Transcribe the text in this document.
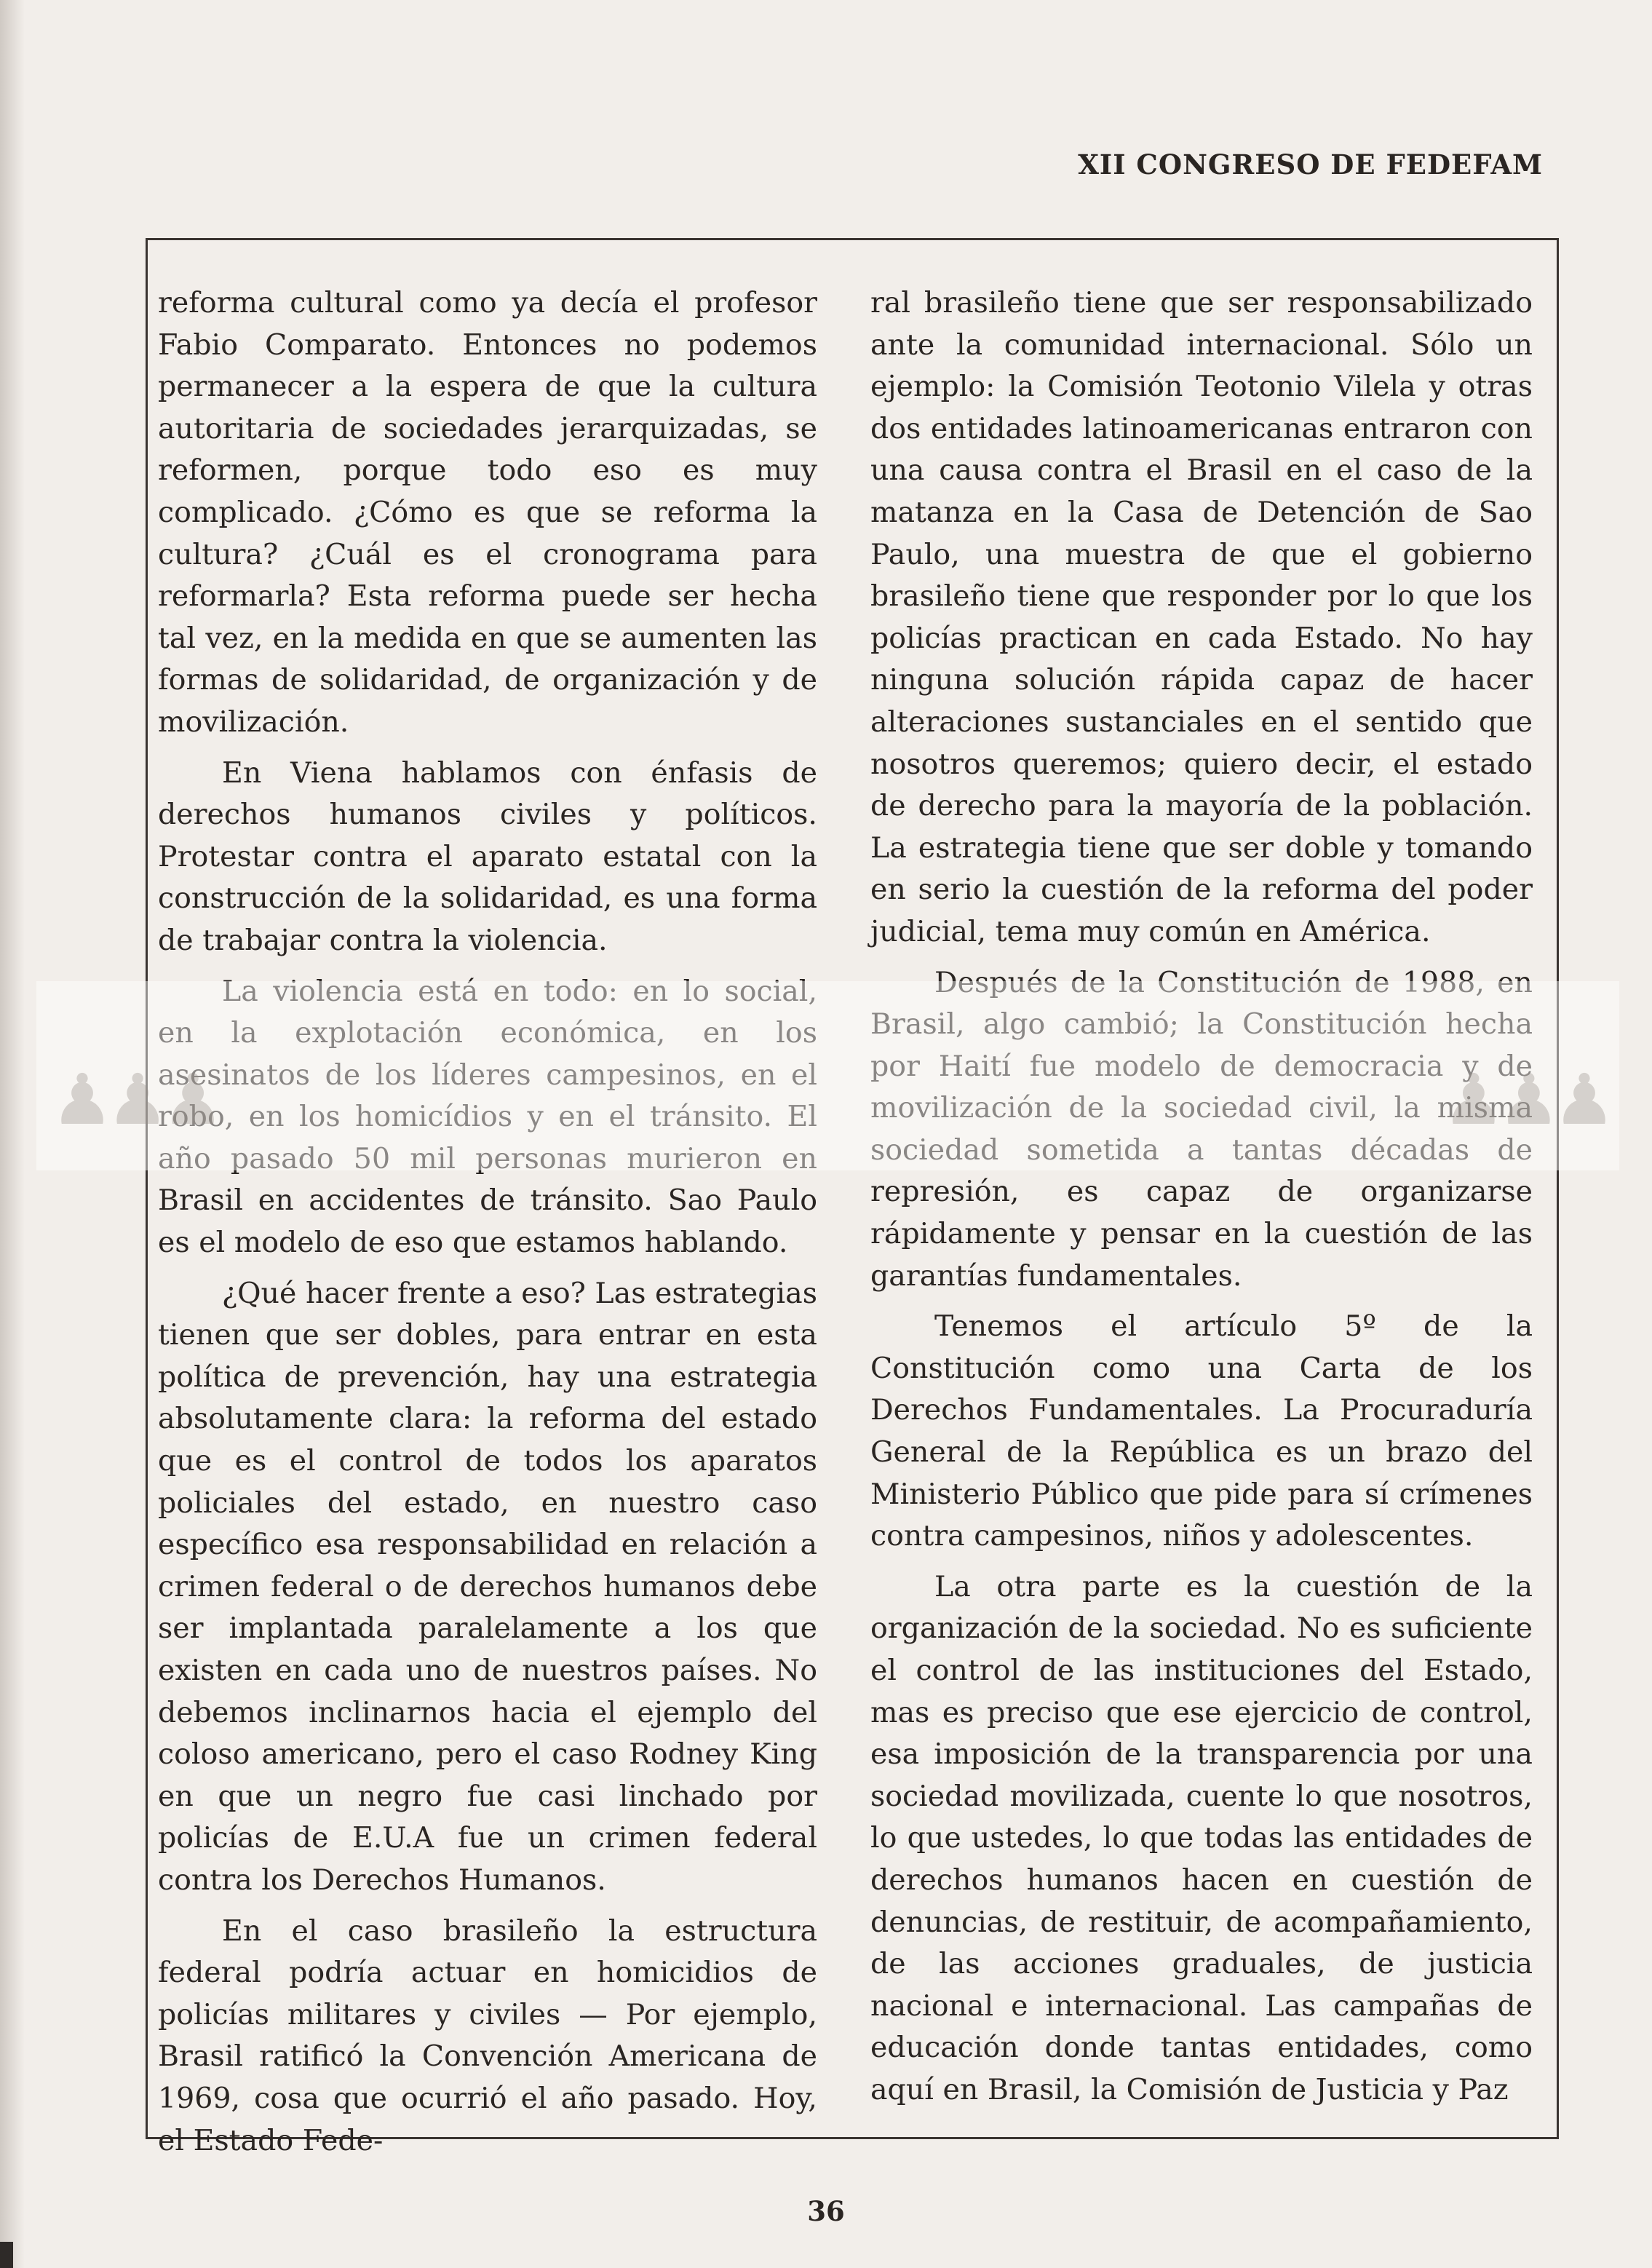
XII CONGRESO DE FEDEFAM

reforma cultural como ya decía el profesor Fabio Comparato. Entonces no podemos permanecer a la espera de que la cultura autoritaria de sociedades jerarquizadas, se reformen, porque todo eso es muy complicado. ¿Cómo es que se reforma la cultura? ¿Cuál es el cronograma para reformarla? Esta reforma puede ser hecha tal vez, en la medida en que se aumenten las formas de solidaridad, de organización y de movilización.

En Viena hablamos con énfasis de derechos humanos civiles y políticos. Protestar contra el aparato estatal con la construcción de la solidaridad, es una forma de trabajar contra la violencia.

La violencia está en todo: en lo social, en la explotación económica, en los asesinatos de los líderes campesinos, en el robo, en los homicídios y en el tránsito. El año pasado 50 mil personas murieron en Brasil en accidentes de tránsito. Sao Paulo es el modelo de eso que estamos hablando.

¿Qué hacer frente a eso? Las estrategias tienen que ser dobles, para entrar en esta política de prevención, hay una estrategia absolutamente clara: la reforma del estado que es el control de todos los aparatos policiales del estado, en nuestro caso específico esa responsabilidad en relación a crimen federal o de derechos humanos debe ser implantada paralelamente a los que existen en cada uno de nuestros países. No debemos inclinarnos hacia el ejemplo del coloso americano, pero el caso Rodney King en que un negro fue casi linchado por policías de E.U.A fue un crimen federal contra los Derechos Humanos.

En el caso brasileño la estructura federal podría actuar en homicidios de policías militares y civiles — Por ejemplo, Brasil ratificó la Convención Americana de 1969, cosa que ocurrió el año pasado. Hoy, el Estado Fede-

ral brasileño tiene que ser responsabilizado ante la comunidad internacional. Sólo un ejemplo: la Comisión Teotonio Vilela y otras dos entidades latinoamericanas entraron con una causa contra el Brasil en el caso de la matanza en la Casa de Detención de Sao Paulo, una muestra de que el gobierno brasileño tiene que responder por lo que los policías practican en cada Estado. No hay ninguna solución rápida capaz de hacer alteraciones sustanciales en el sentido que nosotros queremos; quiero decir, el estado de derecho para la mayoría de la población. La estrategia tiene que ser doble y tomando en serio la cuestión de la reforma del poder judicial, tema muy común en América.

Después de la Constitución de 1988, en Brasil, algo cambió; la Constitución hecha por Haití fue modelo de democracia y de movilización de la sociedad civil, la misma sociedad sometida a tantas décadas de represión, es capaz de organizarse rápidamente y pensar en la cuestión de las garantías fundamentales.

Tenemos el artículo 5º de la Constitución como una Carta de los Derechos Fundamentales. La Procuraduría General de la República es un brazo del Ministerio Público que pide para sí crímenes contra campesinos, niños y adolescentes.

La otra parte es la cuestión de la organización de la sociedad. No es suficiente el control de las instituciones del Estado, mas es preciso que ese ejercicio de control, esa imposición de la transparencia por una sociedad movilizada, cuente lo que nosotros, lo que ustedes, lo que todas las entidades de derechos humanos hacen en cuestión de denuncias, de restituir, de acompañamiento, de las acciones graduales, de justicia nacional e internacional. Las campañas de educación donde tantas entidades, como aquí en Brasil, la Comisión de Justicia y Paz

♟♟♟	♟♟♟
36
